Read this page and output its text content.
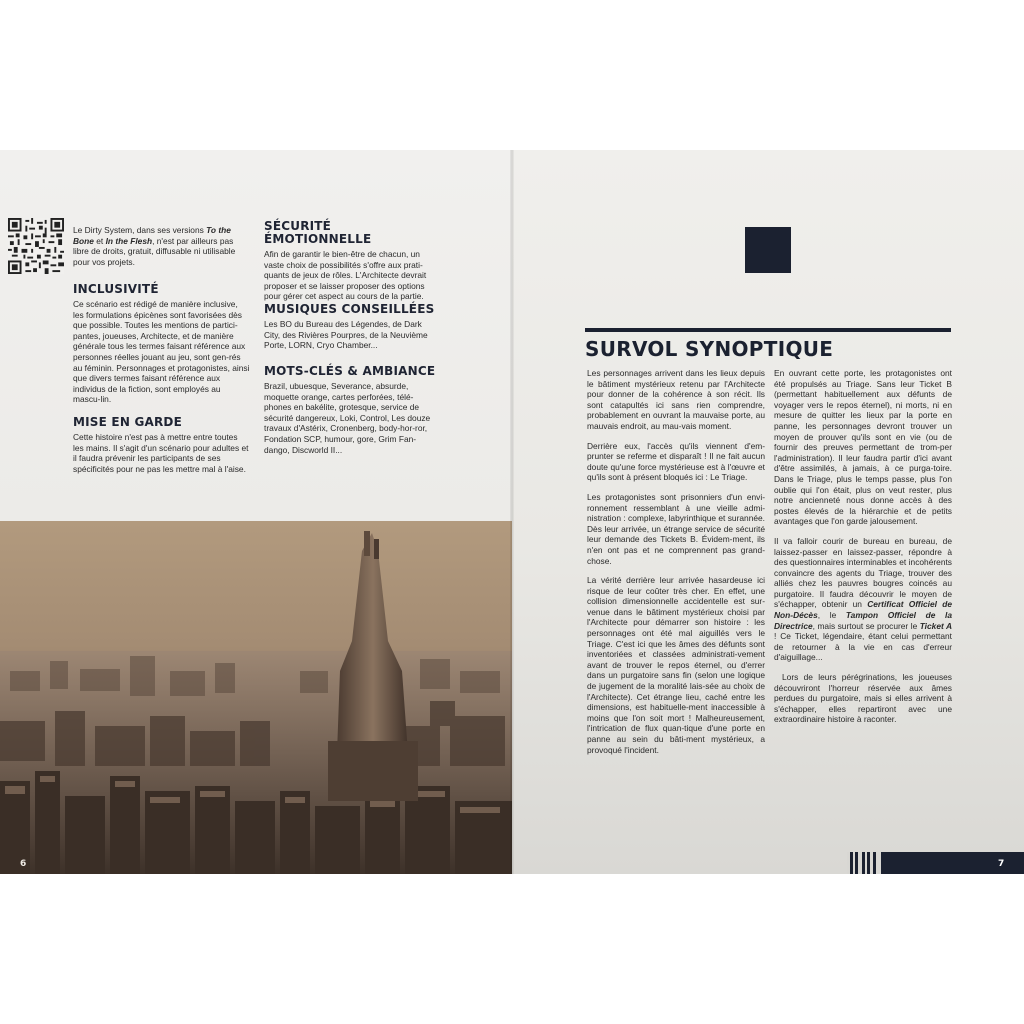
Le Dirty System, dans ses versions To the Bone et In the Flesh, n'est par ailleurs pas libre de droits, gratuit, diffusable ni utilisable pour vos projets.

INCLUSIVITÉ

Ce scénario est rédigé de manière inclusive, les formulations épicènes sont favorisées dès que possible. Toutes les mentions de partici-pantes, joueuses, Architecte, et de manière générale tous les termes faisant référence aux personnes réelles jouant au jeu, sont gen-rés au féminin. Personnages et protagonistes, ainsi que divers termes faisant référence aux individus de la fiction, sont employés au mascu-lin.

MISE EN GARDE

Cette histoire n'est pas à mettre entre toutes les mains. Il s'agit d'un scénario pour adultes et il faudra prévenir les participants de ses spécificités pour ne pas les mettre mal à l'aise.

SÉCURITÉ ÉMOTIONNELLE

Afin de garantir le bien-être de chacun, un vaste choix de possibilités s'offre aux prati-quants de jeux de rôles. L'Architecte devrait proposer et se laisser proposer des options pour gérer cet aspect au cours de la partie.

MUSIQUES CONSEILLÉES

Les BO du Bureau des Légendes, de Dark City, des Rivières Pourpres, de la Neuvième Porte, LORN, Cryo Chamber...

MOTS-CLÉS & AMBIANCE

Brazil, ubuesque, Severance, absurde, moquette orange, cartes perforées, télé-phones en bakélite, grotesque, service de sécurité dangereux, Loki, Control, Les douze travaux d'Astérix, Cronenberg, body-hor-ror, Fondation SCP, humour, gore, Grim Fan-dango, Discworld II...

6
SURVOL SYNOPTIQUE

Les personnages arrivent dans les lieux depuis le bâtiment mystérieux retenu par l'Architecte pour donner de la cohérence à son récit. Ils sont catapultés ici sans rien comprendre, probablement en ouvrant la mauvaise porte, au mauvais endroit, au mau-vais moment.

Derrière eux, l'accès qu'ils viennent d'em-prunter se referme et disparaît ! Il ne fait aucun doute qu'une force mystérieuse est à l'œuvre et qu'ils sont à présent bloqués ici : Le Triage.

Les protagonistes sont prisonniers d'un envi-ronnement ressemblant à une vieille admi-nistration : complexe, labyrinthique et surannée. Dès leur arrivée, un étrange service de sécurité leur demande des Tickets B. Évidem-ment, ils n'en ont pas et ne comprennent pas grand-chose.

La vérité derrière leur arrivée hasardeuse ici risque de leur coûter très cher. En effet, une collision dimensionnelle accidentelle est sur-venue dans le bâtiment mystérieux choisi par l'Architecte pour démarrer son histoire : les personnages ont été mal aiguillés vers le Triage. C'est ici que les âmes des défunts sont inventoriées et classées administrati-vement avant de trouver le repos éternel, ou d'errer dans un purgatoire sans fin (selon une logique de jugement de la moralité lais-sée au choix de l'Architecte). Cet étrange lieu, caché entre les dimensions, est habituelle-ment inaccessible à moins que l'on soit mort ! Malheureusement, l'intrication de flux quan-tique d'une porte en panne au sein du bâti-ment mystérieux, a provoqué l'incident.

En ouvrant cette porte, les protagonistes ont été propulsés au Triage. Sans leur Ticket B (permettant habituellement aux défunts de voyager vers le repos éternel), ni morts, ni en mesure de quitter les lieux par la porte en panne, les personnages devront trouver un moyen de prouver qu'ils sont en vie (ou de fournir des preuves permettant de trom-per l'administration). Il leur faudra partir d'ici avant d'être assimilés, à jamais, à ce purga-toire. Dans le Triage, plus le temps passe, plus l'on oublie qui l'on était, plus on veut rester, plus notre ancienneté nous donne accès à des postes élevés de la hiérarchie et de petits avantages que l'on garde jalousement.

Il va falloir courir de bureau en bureau, de laissez-passer en laissez-passer, répondre à des questionnaires interminables et incohérents convaincre des agents du Triage, trouver des alliés chez les pauvres bougres coincés au purgatoire. Il faudra découvrir le moyen de s'échapper, obtenir un Certificat Officiel de Non-Décès, le Tampon Officiel de la Directrice, mais surtout se procurer le Ticket A ! Ce Ticket, légendaire, étant celui permettant de retourner à la vie en cas d'erreur d'aiguillage...

Lors de leurs pérégrinations, les joueuses découvriront l'horreur réservée aux âmes perdues du purgatoire, mais si elles arrivent à s'échapper, elles repartiront avec une extraordinaire histoire à raconter.

7
